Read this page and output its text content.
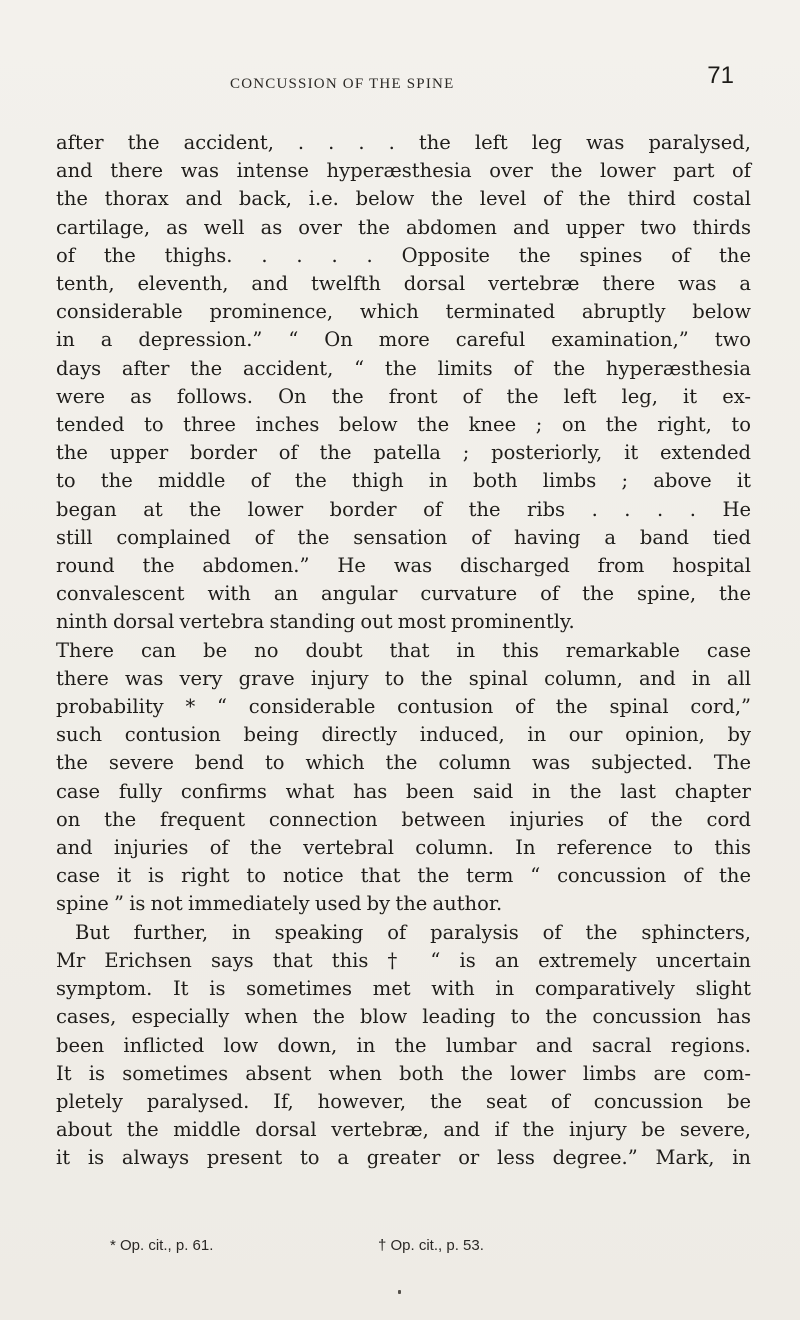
CONCUSSION OF THE SPINE	71
after the accident, . . . . the left leg was paralysed,
and there was intense hyperæsthesia over the lower part of
the thorax and back, i.e. below the level of the third costal
cartilage, as well as over the abdomen and upper two thirds
of the thighs. . . . . Opposite the spines of the
tenth, eleventh, and twelfth dorsal vertebræ there was a
considerable prominence, which terminated abruptly below
in a depression.” “ On more careful examination,” two
days after the accident, “ the limits of the hyperæsthesia
were as follows. On the front of the left leg, it ex-
tended to three inches below the knee ; on the right, to
the upper border of the patella ; posteriorly, it extended
to the middle of the thigh in both limbs ; above it
began at the lower border of the ribs . . . . He
still complained of the sensation of having a band tied
round the abdomen.” He was discharged from hospital
convalescent with an angular curvature of the spine, the
ninth dorsal vertebra standing out most prominently.
There can be no doubt that in this remarkable case
there was very grave injury to the spinal column, and in all
probability * “ considerable contusion of the spinal cord,”
such contusion being directly induced, in our opinion, by
the severe bend to which the column was subjected. The
case fully confirms what has been said in the last chapter
on the frequent connection between injuries of the cord
and injuries of the vertebral column. In reference to this
case it is right to notice that the term “ concussion of the
spine ” is not immediately used by the author.
But further, in speaking of paralysis of the sphincters,
Mr Erichsen says that this † “ is an extremely uncertain
symptom. It is sometimes met with in comparatively slight
cases, especially when the blow leading to the concussion has
been inflicted low down, in the lumbar and sacral regions.
It is sometimes absent when both the lower limbs are com-
pletely paralysed. If, however, the seat of concussion be
about the middle dorsal vertebræ, and if the injury be severe,
it is always present to a greater or less degree.” Mark, in
* Op. cit., p. 61.	† Op. cit., p. 53.
